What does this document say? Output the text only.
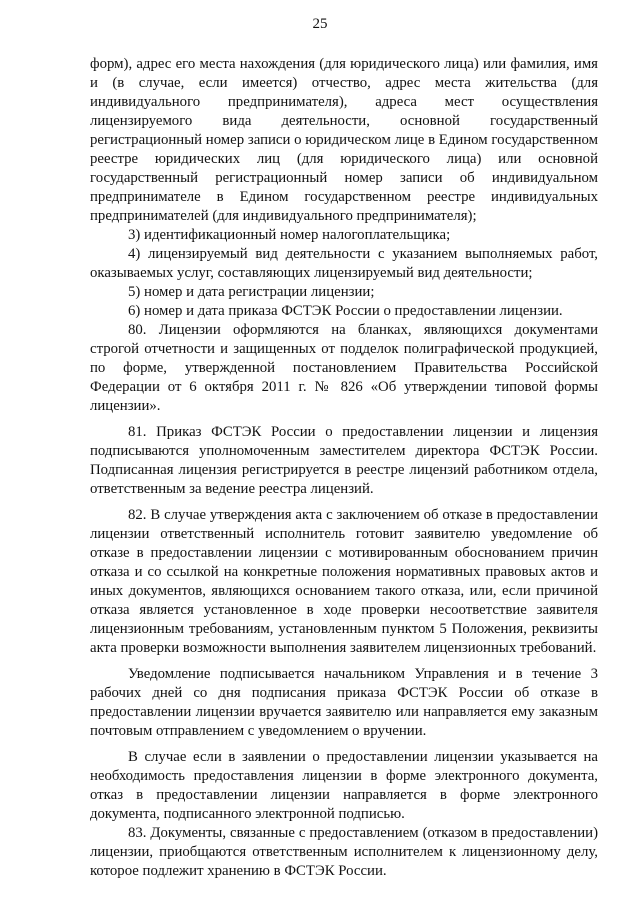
25

форм), адрес его места нахождения (для юридического лица) или фамилия, имя и (в случае, если имеется) отчество, адрес места жительства (для индивидуального предпринимателя), адреса мест осуществления лицензируемого вида деятельности, основной государственный регистрационный номер записи о юридическом лице в Едином государственном реестре юридических лиц (для юридического лица) или основной государственный регистрационный номер записи об индивидуальном предпринимателе в Едином государственном реестре индивидуальных предпринимателей (для индивидуального предпринимателя);

3) идентификационный номер налогоплательщика;

4) лицензируемый вид деятельности с указанием выполняемых работ, оказываемых услуг, составляющих лицензируемый вид деятельности;

5) номер и дата регистрации лицензии;

6) номер и дата приказа ФСТЭК России о предоставлении лицензии.

80. Лицензии оформляются на бланках, являющихся документами строгой отчетности и защищенных от подделок полиграфической продукцией, по форме, утвержденной постановлением Правительства Российской Федерации от 6 октября 2011 г. № 826 «Об утверждении типовой формы лицензии».

81. Приказ ФСТЭК России о предоставлении лицензии и лицензия подписываются уполномоченным заместителем директора ФСТЭК России. Подписанная лицензия регистрируется в реестре лицензий работником отдела, ответственным за ведение реестра лицензий.

82. В случае утверждения акта с заключением об отказе в предоставлении лицензии ответственный исполнитель готовит заявителю уведомление об отказе в предоставлении лицензии с мотивированным обоснованием причин отказа и со ссылкой на конкретные положения нормативных правовых актов и иных документов, являющихся основанием такого отказа, или, если причиной отказа является установленное в ходе проверки несоответствие заявителя лицензионным требованиям, установленным пунктом 5 Положения, реквизиты акта проверки возможности выполнения заявителем лицензионных требований.

Уведомление подписывается начальником Управления и в течение 3 рабочих дней со дня подписания приказа ФСТЭК России об отказе в предоставлении лицензии вручается заявителю или направляется ему заказным почтовым отправлением с уведомлением о вручении.

В случае если в заявлении о предоставлении лицензии указывается на необходимость предоставления лицензии в форме электронного документа, отказ в предоставлении лицензии направляется в форме электронного документа, подписанного электронной подписью.

83. Документы, связанные с предоставлением (отказом в предоставлении) лицензии, приобщаются ответственным исполнителем к лицензионному делу, которое подлежит хранению в ФСТЭК России.
